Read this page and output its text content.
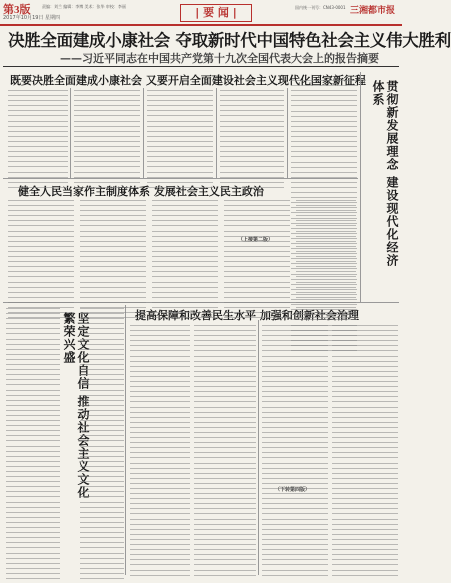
第3版
2017年10月19日 星期四
责编：刘兰 编辑：李博 美术：张华 审校：李丽	| 要 闻 |	国内统一刊号：CN43-0001 三湘都市报
决胜全面建成小康社会 夺取新时代中国特色社会主义伟大胜利
——习近平同志在中国共产党第十九次全国代表大会上的报告摘要
既要决胜全面建成小康社会 又要开启全面建设社会主义现代化国家新征程	贯彻新发展理念 建设现代化经济体系
健全人民当家作主制度体系 发展社会主义民主政治
坚定文化自信 推动社会主义文化繁荣兴盛	提高保障和改善民生水平 加强和创新社会治理
（上接第二版）
（下转第四版）
